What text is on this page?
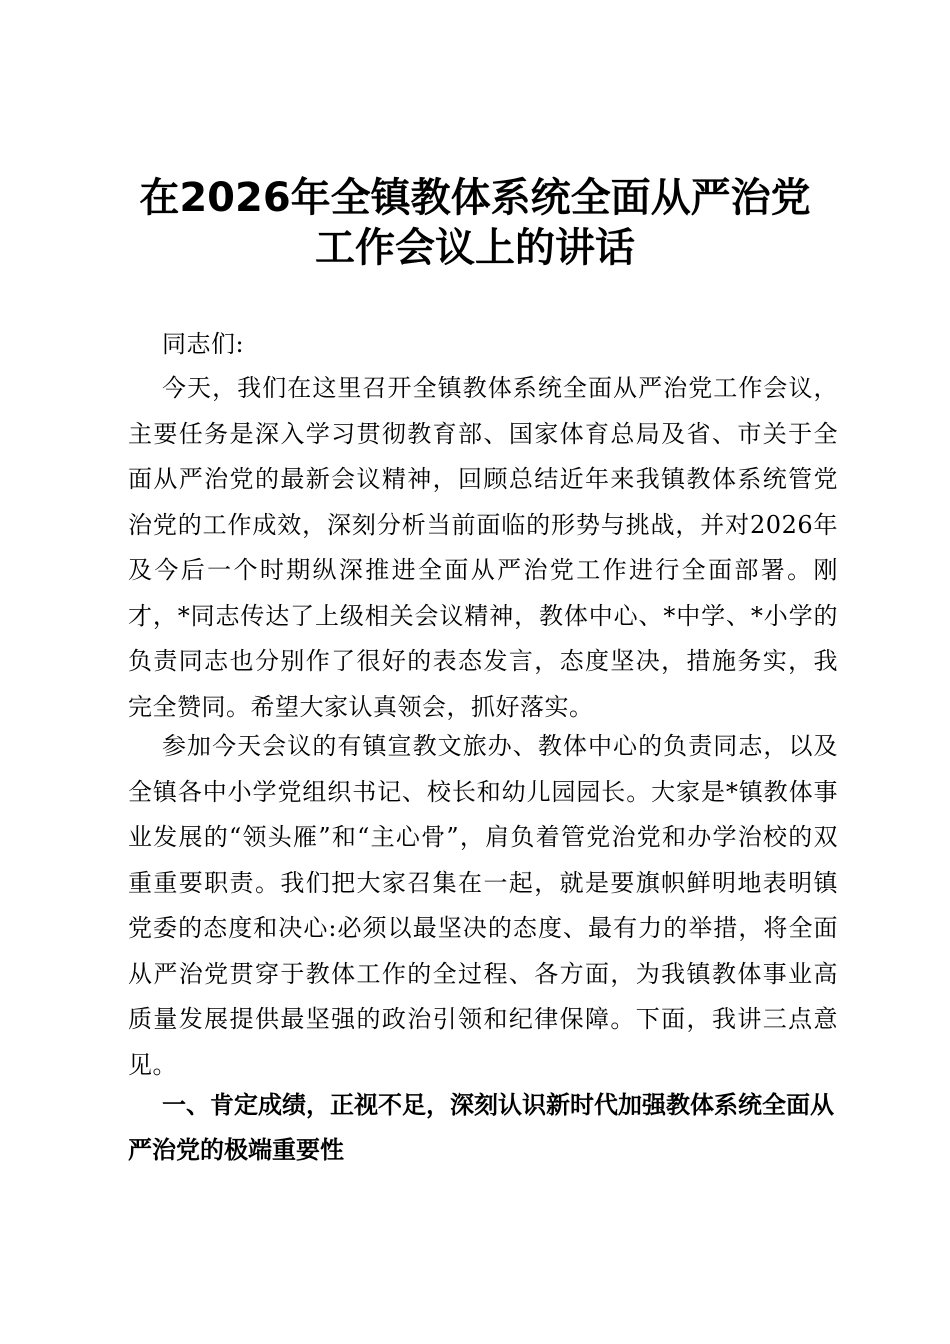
在2026年全镇教体系统全面从严治党
工作会议上的讲话

同志们:

今天，我们在这里召开全镇教体系统全面从严治党工作会议，主要任务是深入学习贯彻教育部、国家体育总局及省、市关于全面从严治党的最新会议精神，回顾总结近年来我镇教体系统管党治党的工作成效，深刻分析当前面临的形势与挑战，并对2026年及今后一个时期纵深推进全面从严治党工作进行全面部署。刚才，*同志传达了上级相关会议精神，教体中心、*中学、*小学的负责同志也分别作了很好的表态发言，态度坚决，措施务实，我完全赞同。希望大家认真领会，抓好落实。

参加今天会议的有镇宣教文旅办、教体中心的负责同志，以及全镇各中小学党组织书记、校长和幼儿园园长。大家是*镇教体事业发展的“领头雁”和“主心骨”，肩负着管党治党和办学治校的双重重要职责。我们把大家召集在一起，就是要旗帜鲜明地表明镇党委的态度和决心:必须以最坚决的态度、最有力的举措，将全面从严治党贯穿于教体工作的全过程、各方面，为我镇教体事业高质量发展提供最坚强的政治引领和纪律保障。下面，我讲三点意见。

一、肯定成绩，正视不足，深刻认识新时代加强教体系统全面从严治党的极端重要性
